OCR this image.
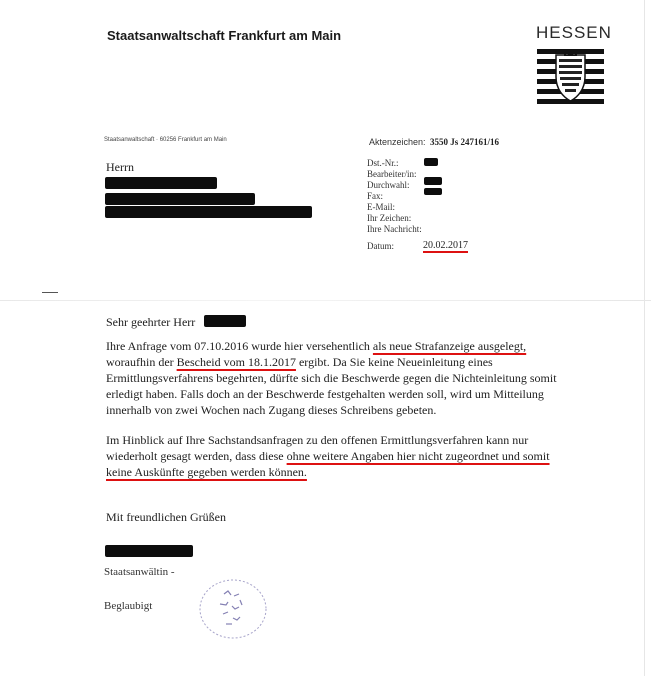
Staatsanwaltschaft Frankfurt am Main	HESSEN
Staatsanwaltschaft · 60256 Frankfurt am Main	Aktenzeichen: 3550 Js 247161/16
Herrn	Dst.-Nr.:
Bearbeiter/in:
Durchwahl:
Fax:
E-Mail:
Ihr Zeichen:
Ihre Nachricht:
Datum:	20.02.2017
Sehr geehrter Herr
Ihre Anfrage vom 07.10.2016 wurde hier versehentlich als neue Strafanzeige ausgelegt,
woraufhin der Bescheid vom 18.1.2017 ergibt. Da Sie keine Neueinleitung eines
Ermittlungsverfahrens begehrten, dürfte sich die Beschwerde gegen die Nichteinleitung somit
erledigt haben. Falls doch an der Beschwerde festgehalten werden soll, wird um Mitteilung
innerhalb von zwei Wochen nach Zugang dieses Schreibens gebeten.
Im Hinblick auf Ihre Sachstandsanfragen zu den offenen Ermittlungsverfahren kann nur
wiederholt gesagt werden, dass diese ohne weitere Angaben hier nicht zugeordnet und somit
keine Auskünfte gegeben werden können.
Mit freundlichen Grüßen
Staatsanwältin -
Beglaubigt
